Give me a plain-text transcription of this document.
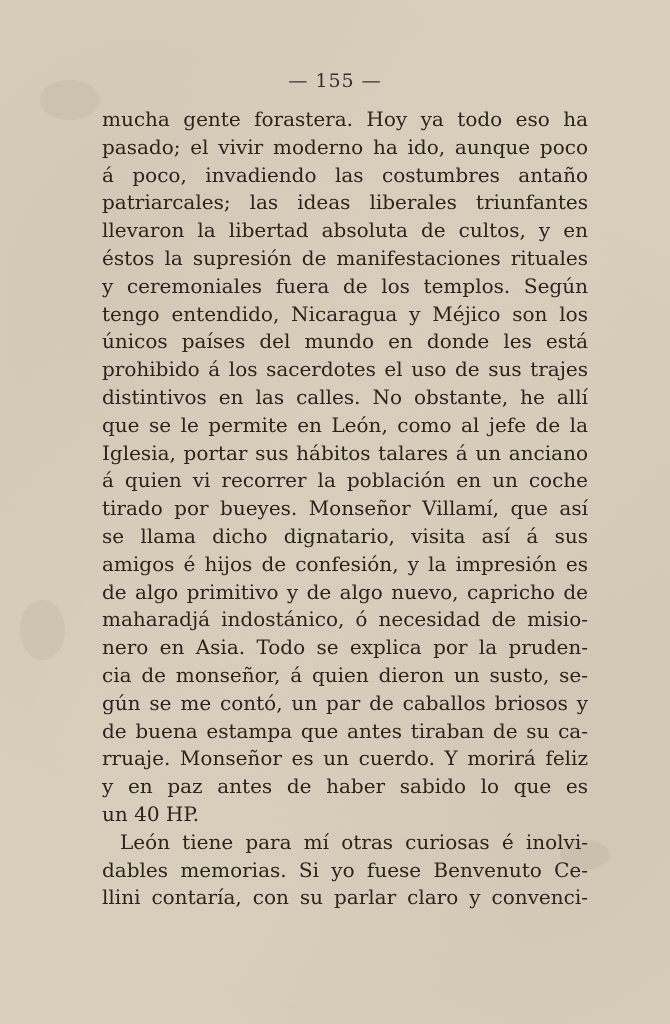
— 155 —
mucha gente forastera. Hoy ya todo eso ha
pasado; el vivir moderno ha ido, aunque poco
á poco, invadiendo las costumbres antaño
patriarcales; las ideas liberales triunfantes
llevaron la libertad absoluta de cultos, y en
éstos la supresión de manifestaciones rituales
y ceremoniales fuera de los templos. Según
tengo entendido, Nicaragua y Méjico son los
únicos países del mundo en donde les está
prohibido á los sacerdotes el uso de sus trajes
distintivos en las calles. No obstante, he allí
que se le permite en León, como al jefe de la
Iglesia, portar sus hábitos talares á un anciano
á quien vi recorrer la población en un coche
tirado por bueyes. Monseñor Villamí, que así
se llama dicho dignatario, visita así á sus
amigos é hijos de confesión, y la impresión es
de algo primitivo y de algo nuevo, capricho de
maharadjá indostánico, ó necesidad de misio-
nero en Asia. Todo se explica por la pruden-
cia de monseñor, á quien dieron un susto, se-
gún se me contó, un par de caballos briosos y
de buena estampa que antes tiraban de su ca-
rruaje. Monseñor es un cuerdo. Y morirá feliz
y en paz antes de haber sabido lo que es
un 40 HP.
León tiene para mí otras curiosas é inolvi-
dables memorias. Si yo fuese Benvenuto Ce-
llini contaría, con su parlar claro y convenci-
